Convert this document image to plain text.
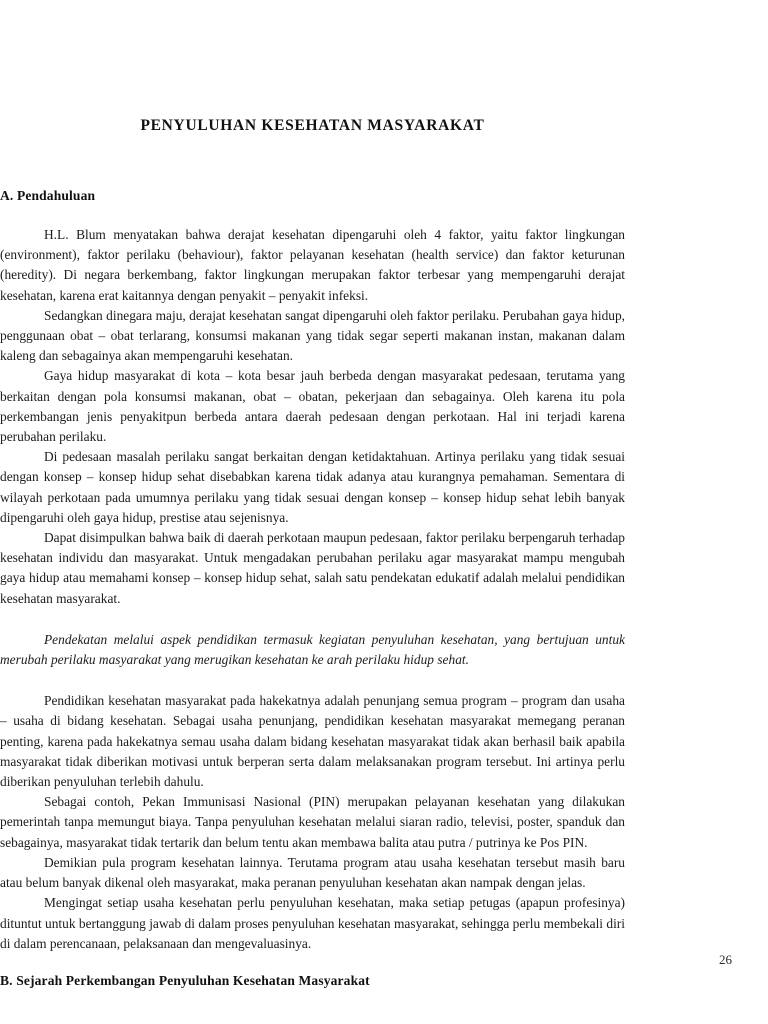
PENYULUHAN KESEHATAN MASYARAKAT
A. Pendahuluan

H.L. Blum menyatakan bahwa derajat kesehatan dipengaruhi oleh 4 faktor, yaitu faktor lingkungan (environment), faktor perilaku (behaviour), faktor pelayanan kesehatan (health service) dan faktor keturunan (heredity). Di negara berkembang, faktor lingkungan merupakan faktor terbesar yang mempengaruhi derajat kesehatan, karena erat kaitannya dengan penyakit – penyakit infeksi.

Sedangkan dinegara maju, derajat kesehatan sangat dipengaruhi oleh faktor perilaku. Perubahan gaya hidup, penggunaan obat – obat terlarang, konsumsi makanan yang tidak segar seperti makanan instan, makanan dalam kaleng dan sebagainya akan mempengaruhi kesehatan.

Gaya hidup masyarakat di kota – kota besar jauh berbeda dengan masyarakat pedesaan, terutama yang berkaitan dengan pola konsumsi makanan, obat – obatan, pekerjaan dan sebagainya. Oleh karena itu pola perkembangan jenis penyakitpun berbeda antara daerah pedesaan dengan perkotaan. Hal ini terjadi karena perubahan perilaku.

Di pedesaan masalah perilaku sangat berkaitan dengan ketidaktahuan. Artinya perilaku yang tidak sesuai dengan konsep – konsep hidup sehat disebabkan karena tidak adanya atau kurangnya pemahaman. Sementara di wilayah perkotaan pada umumnya perilaku yang tidak sesuai dengan konsep – konsep hidup sehat lebih banyak dipengaruhi oleh gaya hidup, prestise atau sejenisnya.

Dapat disimpulkan bahwa baik di daerah perkotaan maupun pedesaan, faktor perilaku berpengaruh terhadap kesehatan individu dan masyarakat. Untuk mengadakan perubahan perilaku agar masyarakat mampu mengubah gaya hidup atau memahami konsep – konsep hidup sehat, salah satu pendekatan edukatif adalah melalui pendidikan kesehatan masyarakat.

Pendekatan melalui aspek pendidikan termasuk kegiatan penyuluhan kesehatan, yang bertujuan untuk merubah perilaku masyarakat yang merugikan kesehatan ke arah perilaku hidup sehat.

Pendidikan kesehatan masyarakat pada hakekatnya adalah penunjang semua program – program dan usaha – usaha di bidang kesehatan. Sebagai usaha penunjang, pendidikan kesehatan masyarakat memegang peranan penting, karena pada hakekatnya semau usaha dalam bidang kesehatan masyarakat tidak akan berhasil baik apabila masyarakat tidak diberikan motivasi untuk berperan serta dalam melaksanakan program tersebut. Ini artinya perlu diberikan penyuluhan terlebih dahulu.

Sebagai contoh, Pekan Immunisasi Nasional (PIN) merupakan pelayanan kesehatan yang dilakukan pemerintah tanpa memungut biaya. Tanpa penyuluhan kesehatan melalui siaran radio, televisi, poster, spanduk dan sebagainya, masyarakat tidak tertarik dan belum tentu akan membawa balita atau putra / putrinya ke Pos PIN.

Demikian pula program kesehatan lainnya. Terutama program atau usaha kesehatan tersebut masih baru atau belum banyak dikenal oleh masyarakat, maka peranan penyuluhan kesehatan akan nampak dengan jelas.

Mengingat setiap usaha kesehatan perlu penyuluhan kesehatan, maka setiap petugas (apapun profesinya) dituntut untuk bertanggung jawab di dalam proses penyuluhan kesehatan masyarakat, sehingga perlu membekali diri di dalam perencanaan, pelaksanaan dan mengevaluasinya.

B. Sejarah Perkembangan Penyuluhan Kesehatan Masyarakat
26
